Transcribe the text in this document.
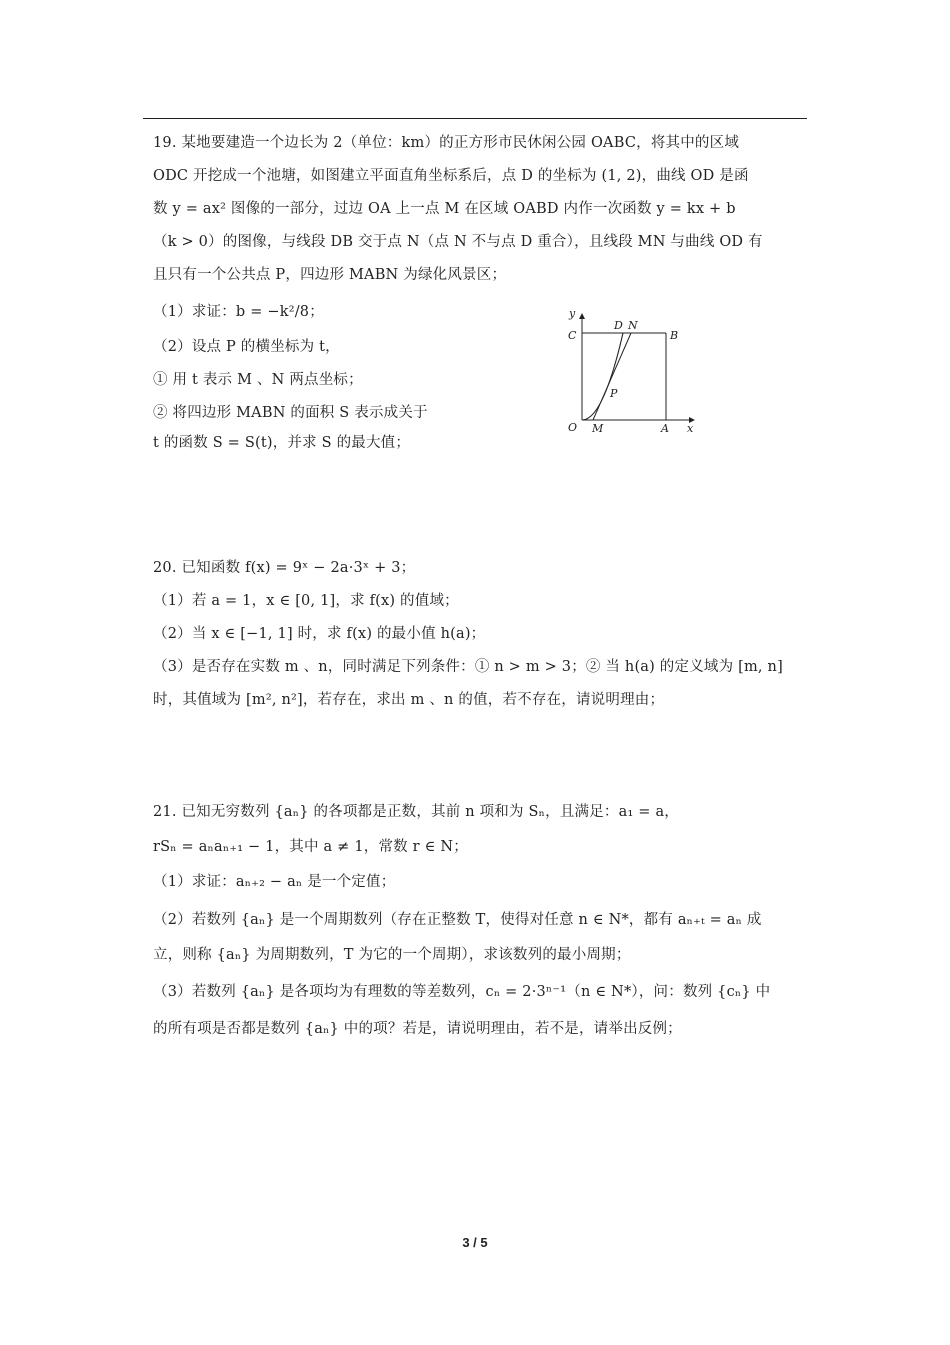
19. 某地要建造一个边长为 2（单位：km）的正方形市民休闲公园 OABC，将其中的区域
ODC 开挖成一个池塘，如图建立平面直角坐标系后，点 D 的坐标为 (1, 2)，曲线 OD 是函
数 y = ax² 图像的一部分，过边 OA 上一点 M 在区域 OABD 内作一次函数 y = kx + b
（k > 0）的图像，与线段 DB 交于点 N（点 N 不与点 D 重合），且线段 MN 与曲线 OD 有
且只有一个公共点 P，四边形 MABN 为绿化风景区；
（1）求证：b = −k²/8；
（2）设点 P 的横坐标为 t，
① 用 t 表示 M 、N 两点坐标；
② 将四边形 MABN 的面积 S 表示成关于
t 的函数 S = S(t)，并求 S 的最大值；
y
x
O M	A
C
D N
B
P
20. 已知函数 f(x) = 9ˣ − 2a·3ˣ + 3；
（1）若 a = 1，x ∈ [0, 1]，求 f(x) 的值域；
（2）当 x ∈ [−1, 1] 时，求 f(x) 的最小值 h(a)；
（3）是否存在实数 m 、n，同时满足下列条件：① n > m > 3；② 当 h(a) 的定义域为 [m, n]
时，其值域为 [m², n²]，若存在，求出 m 、n 的值，若不存在，请说明理由；
21. 已知无穷数列 {aₙ} 的各项都是正数，其前 n 项和为 Sₙ，且满足：a₁ = a，
rSₙ = aₙaₙ₊₁ − 1，其中 a ≠ 1，常数 r ∈ N；
（1）求证：aₙ₊₂ − aₙ 是一个定值；
（2）若数列 {aₙ} 是一个周期数列（存在正整数 T，使得对任意 n ∈ N*，都有 aₙ₊ₜ = aₙ 成
立，则称 {aₙ} 为周期数列，T 为它的一个周期），求该数列的最小周期；
（3）若数列 {aₙ} 是各项均为有理数的等差数列，cₙ = 2·3ⁿ⁻¹（n ∈ N*），问：数列 {cₙ} 中
的所有项是否都是数列 {aₙ} 中的项？若是，请说明理由，若不是，请举出反例；
3 / 5
